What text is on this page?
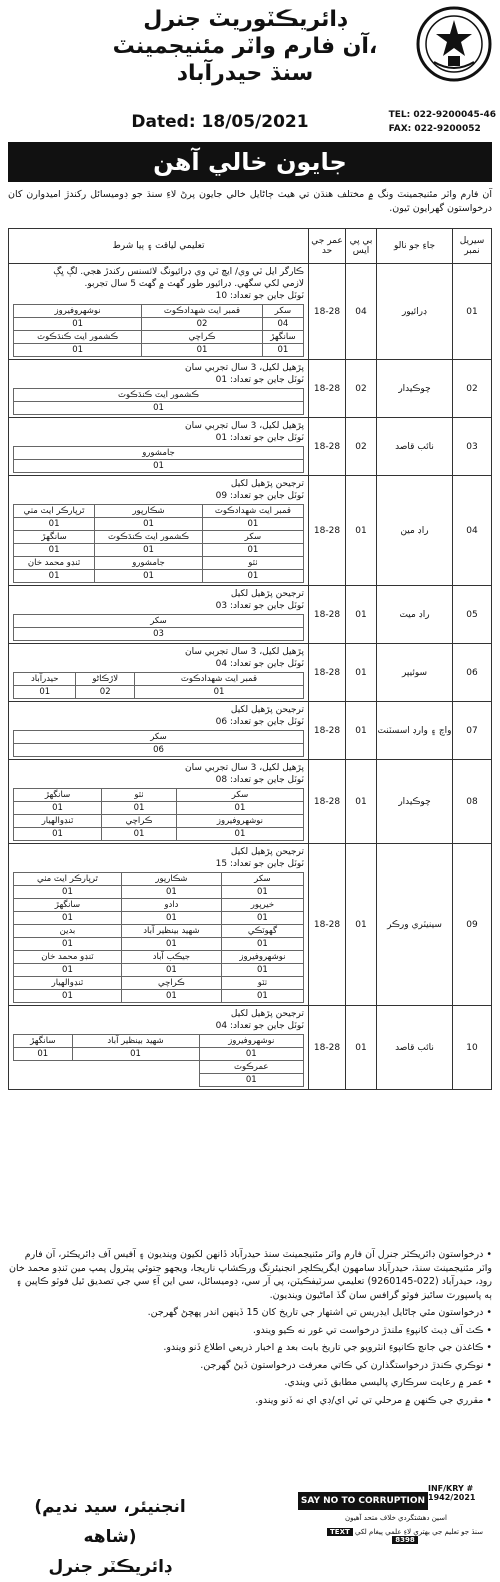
TEL: 022-9200045-46
FAX: 022-9200052
ڊائريڪٽوريٽ جنرل
آن فارم واٽر مئنيجمينٽ،
سنڌ حيدرآباد
Dated: 18/05/2021
جايون خالي آهن
آن فارم واٽر مئنيجمينٽ ونگ ۾ مختلف هنڌن تي هيٺ ڄاڻايل خالي جايون پرڻ لاءِ سنڌ جو ڊوميسائل رکندڙ اميدوارن کان درخواستون گهرايون ٿيون.
سيريل نمبر	جاءِ جو نالو	بي پي ايس	عمر جي حد	تعليمي لياقت ۽ ٻيا شرط
01	ڊرائيور	04	18-28	
ڪارگر ايل ٽي وي/ ايڇ ٽي وي ڊرائيونگ لائسنس رکندڙ هجي. لڳ ڀڳ
لازمي لکي سگهي. ڊرائيور طور گهٽ ۾ گهٽ 5 سال تجربو.
ٽوٽل جاين جو تعداد: 10
سکر	قمبر ايٽ شهدادڪوٽ	نوشهروفيروز
04	02	01
سانگهڙ	ڪراچي	ڪشمور ايٽ ڪنڌڪوٽ
01	01	01

02	چوڪيدار	02	18-28	
پڙهيل لکيل، 3 سال تجربي سان
ٽوٽل جاين جو تعداد: 01
ڪشمور ايٽ ڪنڌڪوٽ
01

03	نائب قاصد	02	18-28	
پڙهيل لکيل، 3 سال تجربي سان
ٽوٽل جاين جو تعداد: 01
جامشورو
01

04	راڊ مين	01	18-28	
ترجيحن پڙهيل لکيل
ٽوٽل جاين جو تعداد: 09
قمبر ايٽ شهدادڪوٽ	شڪارپور	ٿرپارڪر ايٽ مٺي
01	01	01
سکر	ڪشمور ايٽ ڪنڌڪوٽ	سانگهڙ
01	01	01
ٺٽو	جامشورو	ٽنڊو محمد خان
01	01	01

05	راڊ ميٽ	01	18-28	
ترجيحن پڙهيل لکيل
ٽوٽل جاين جو تعداد: 03
سکر
03

06	سوئيپر	01	18-28	
پڙهيل لکيل، 3 سال تجربي سان
ٽوٽل جاين جو تعداد: 04
قمبر ايٽ شهدادڪوٽ	لاڙڪاڻو	حيدرآباد
01	02	01

07	واچ ۽ وارڊ اسسٽنٽ	01	18-28	
ترجيحن پڙهيل لکيل
ٽوٽل جاين جو تعداد: 06
سکر
06

08	چوڪيدار	01	18-28	
پڙهيل لکيل، 3 سال تجربي سان
ٽوٽل جاين جو تعداد: 08
سکر	ٺٽو	سانگهڙ
01	01	01
نوشهروفيروز	ڪراچي	ٽنڊوالهيار
01	01	01

09	سينيٽري ورڪر	01	18-28	
ترجيحن پڙهيل لکيل
ٽوٽل جاين جو تعداد: 15
سکر	شڪارپور	ٿرپارڪر ايٽ مٺي
01	01	01
خيرپور	دادو	سانگهڙ
01	01	01
گهوٽڪي	شهيد بينظير آباد	بدين
01	01	01
نوشهروفيروز	جيڪب آباد	ٽنڊو محمد خان
01	01	01
ٺٽو	ڪراچي	ٽنڊوالهيار
01	01	01

10	نائب قاصد	01	18-28	
ترجيحن پڙهيل لکيل
ٽوٽل جاين جو تعداد: 04
نوشهروفيروز	شهيد بينظير آباد	سانگهڙ
01	01	01
عمرڪوٽ
01

• درخواستون ڊائريڪٽر جنرل آن فارم واٽر مئنيجمينٽ سنڌ حيدرآباد ڏانهن لکيون وينديون ۽ آفيس آف ڊائريڪٽر، آن فارم واٽر مئنيجمينٽ سنڌ، حيدرآباد سامهون ايگريڪلچر انجنيئرنگ ورڪشاپ ناريجا، ويجهو جتوئي پيٽرول پمپ مين ٽنڊو محمد خان روڊ، حيدرآباد (022-9260145) تعليمي سرٽيفڪيٽن، پي آر سي، ڊوميسائل، سي اين آءِ سي جي تصديق ٿيل فوٽو ڪاپين ۽ ٻه پاسپورٽ سائيز فوٽو گرافس سان گڏ اماڻيون وينديون.

• درخواستون مٿي ڄاڻايل ايڊريس تي اشتهار جي تاريخ کان 15 ڏينهن اندر پهچڻ گهرجن.

• ڪٽ آف ڊيٽ کانپوءِ ملندڙ درخواست تي غور نه ڪيو ويندو.

• ڪاغذن جي جانچ ڪانپوءِ انٽرويو جي تاريخ بابت بعد ۾ اخبار ذريعي اطلاع ڏنو ويندو.

• نوڪري ڪندڙ درخواستگذارن کي ڪاتي معرفت درخواستون ڏيڻ گهرجن.

• عمر ۾ رعايت سرڪاري پاليسي مطابق ڏني ويندي.

• مقرري جي ڪنهن ۾ مرحلي تي ٽي اي/ڊي اي نه ڏنو ويندو.

(انجنيئر، سيد نديم شاهه)
ڊائريڪٽر جنرل
INF/KRY # 1942/2021
SAY NO TO CORRUPTION
اسين دهشتگردي خلاف متحد آهيون
سنڌ جو تعليم جي بهتري لاءِ علمي پيغام لکي TEXT 8398
